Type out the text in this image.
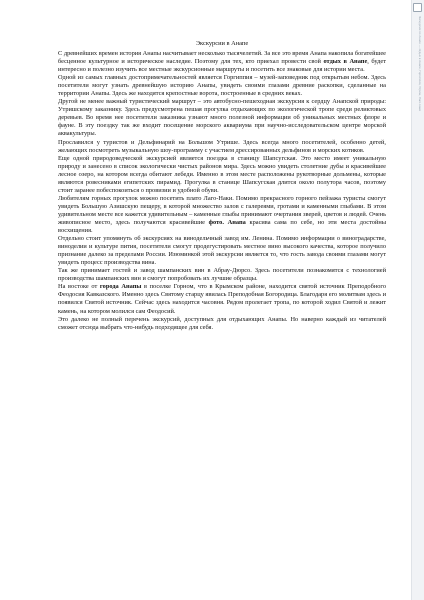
Экскурсии в Анапе

С древнейших времен история Анапы насчитывает несколько тысячелетий. За все это время Анапа накопила богатейшее бесценное культурное и историческое наследие. Поэтому для тех, кто приехал провести свой отдых в Анапе, будет интересно и полезно изучить все местные экскурсионные маршруты и посетить все знаковые для истории места.

Одной из самых главных достопримечательностей является Горгиппия – музей-заповедник под открытым небом. Здесь посетители могут узнать древнейшую историю Анапы, увидеть своими глазами древние раскопки, сделанные на территории Анапы. Здесь же находятся крепостные ворота, построенные в средних веках.

Другой не менее важный туристический маршрут – это автобусно-пешеходная экскурсия к сердцу Анапской природы: Утришскому заказнику. Здесь предусмотрена пешая прогулка отдыхающих по экологической тропе среди реликтовых деревьев. Во время нее посетители заказника узнают много полезной информации об уникальных местных флоре и фауне. В эту поездку так же входит посещение морского аквариума при научно-исследовательском центре морской аквакультуры.

Прославился у туристов и Дельфинарий на Большом Утрише. Здесь всегда много посетителей, особенно детей, желающих посмотреть музыкальную шоу-программу с участием дрессированных дельфинов и морских котиков.

Еще одной природоведческой экскурсией является поездка в станицу Шапсугская. Это место имеет уникальную природу и занесено в список экологически чистых районов мира. Здесь можно увидеть столетние дубы и красивейшее лесное озеро, на котором всегда обитают лебеди. Именно в этом месте расположены рукотворные дольмены, которые являются ровесниками египетских пирамид. Прогулка в станице Шапсугская длится около полутора часов, поэтому стоит заранее побеспокоиться о провизии и удобной обуви.

Любителям горных прогулок можно посетить плато Лаго-Наки. Помимо прекрасного горного пейзажа туристы смогут увидеть Большую Азишскую пещеру, в которой множество залов с галереями, гротами и каменными глыбами. В этом удивительном месте все кажется удивительным – каменные глыбы принимают очертания зверей, цветов и людей. Очень живописное место, здесь получаются красивейшие фото. Анапа красива сама по себе, но эти места достойны восхищения.

Отдельно стоит упомянуть об экскурсиях на винодельчный завод им. Ленина. Помимо информации о виноградарстве, виноделии и культуре пития, посетители смогут продегустировать местное вино высокого качества, которое получило признание далеко за пределами России. Изюминкой этой экскурсии является то, что гость завода своими глазами могут увидеть процесс производства вина.

Так же принимает гостей и завод шампанских вин в Абрау-Дюрсо. Здесь посетители познакомятся с технологией производства шампанских вин и смогут попробовать их лучшие образцы.

На востоке от города Анапы в поселке Горном, что в Крымском районе, находится святой источник Преподобного Феодосия Кавказского. Именно здесь Святому старцу явилась Преподобная Богородица. Благодаря его молитвам здесь и появился Святой источник. Сейчас здесь находится часовня. Рядом пролегает тропа, по которой ходил Святой и лежит камень, на котором молился сам Феодосий.

Это далеко не полный перечень экскурсий, доступных для отдыхающих Анапы. Но наверно каждый из читателей сможет отсюда выбрать что-нибудь подходящее для себя.

Экскурсии по Анапе — отдых в Анапе, Горгиппия, Утриш, Лаго-Наки
